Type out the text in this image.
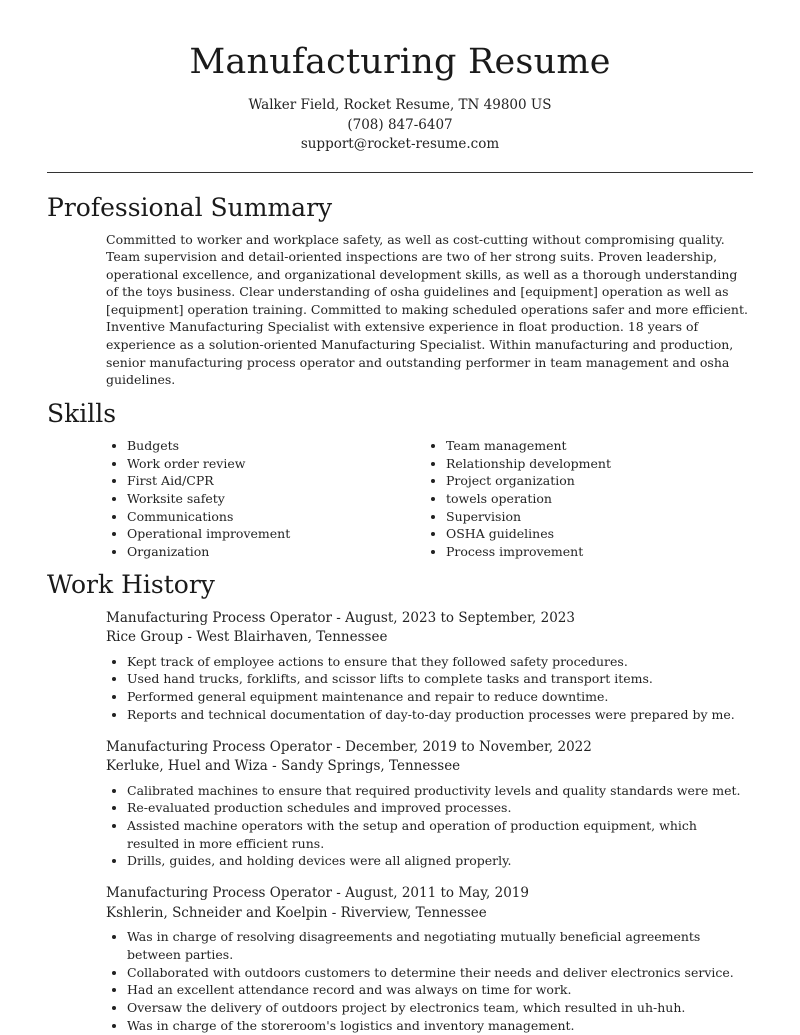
Manufacturing Resume
Walker Field, Rocket Resume, TN 49800 US
(708) 847-6407
support@rocket-resume.com
Professional Summary

Committed to worker and workplace safety, as well as cost-cutting without compromising quality. Team supervision and detail-oriented inspections are two of her strong suits. Proven leadership, operational excellence, and organizational development skills, as well as a thorough understanding of the toys business. Clear understanding of osha guidelines and [equipment] operation as well as [equipment] operation training. Committed to making scheduled operations safer and more efficient. Inventive Manufacturing Specialist with extensive experience in float production. 18 years of experience as a solution-oriented Manufacturing Specialist. Within manufacturing and production, senior manufacturing process operator and outstanding performer in team management and osha guidelines.

Skills
• Budgets
• Work order review
• First Aid/CPR
• Worksite safety
• Communications
• Operational improvement
• Organization
• Team management
• Relationship development
• Project organization
• towels operation
• Supervision
• OSHA guidelines
• Process improvement
Work History
Manufacturing Process Operator - August, 2023 to September, 2023
Rice Group - West Blairhaven, Tennessee
• Kept track of employee actions to ensure that they followed safety procedures.
• Used hand trucks, forklifts, and scissor lifts to complete tasks and transport items.
• Performed general equipment maintenance and repair to reduce downtime.
• Reports and technical documentation of day-to-day production processes were prepared by me.
Manufacturing Process Operator - December, 2019 to November, 2022
Kerluke, Huel and Wiza - Sandy Springs, Tennessee
• Calibrated machines to ensure that required productivity levels and quality standards were met.
• Re-evaluated production schedules and improved processes.
• Assisted machine operators with the setup and operation of production equipment, which resulted in more efficient runs.
• Drills, guides, and holding devices were all aligned properly.
Manufacturing Process Operator - August, 2011 to May, 2019
Kshlerin, Schneider and Koelpin - Riverview, Tennessee
• Was in charge of resolving disagreements and negotiating mutually beneficial agreements between parties.
• Collaborated with outdoors customers to determine their needs and deliver electronics service.
• Had an excellent attendance record and was always on time for work.
• Oversaw the delivery of outdoors project by electronics team, which resulted in uh-huh.
• Was in charge of the storeroom's logistics and inventory management.
